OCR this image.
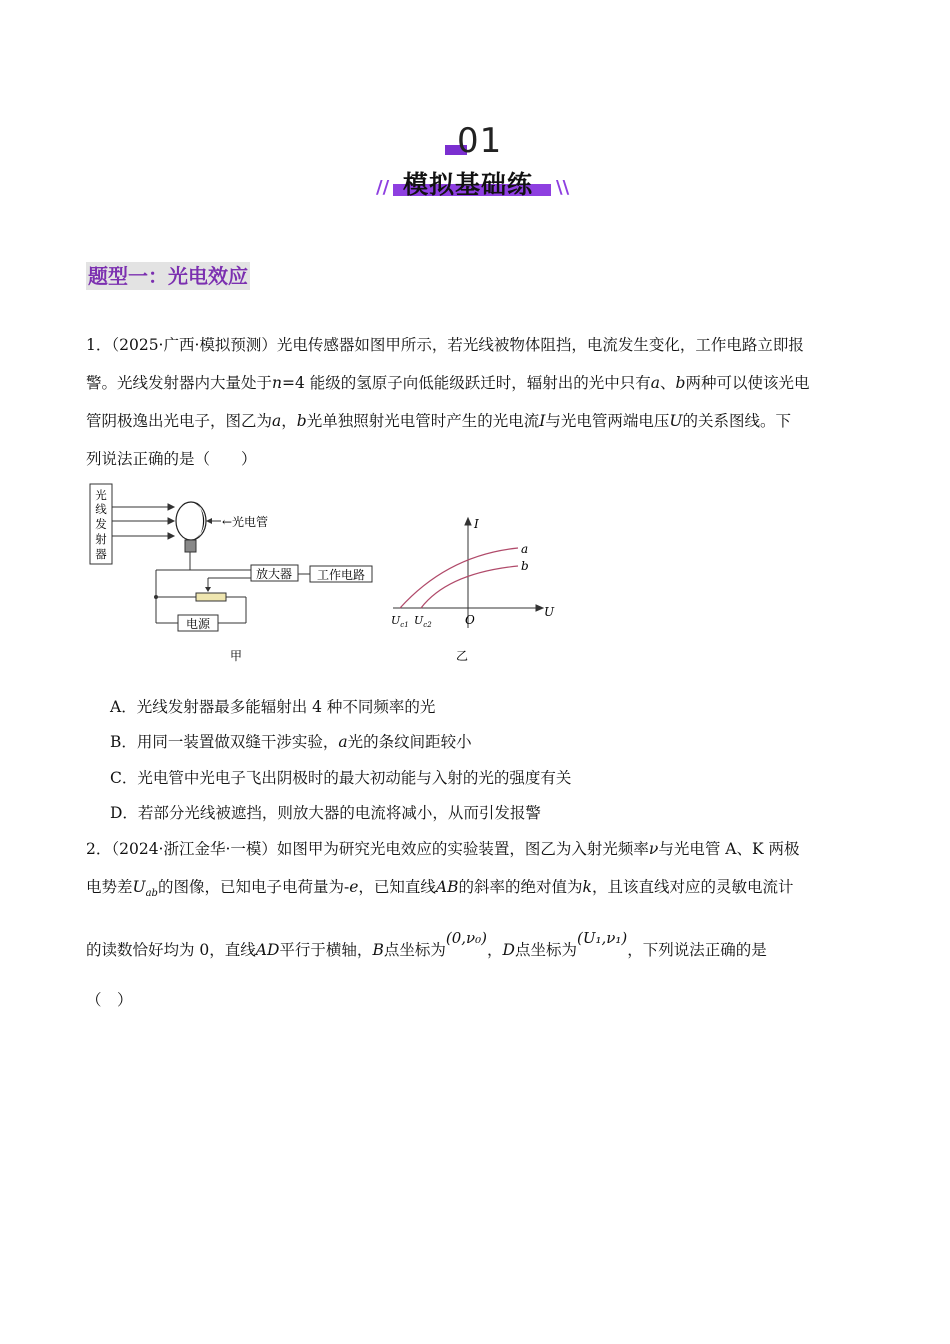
01
模拟基础练
//	\\
题型一：光电效应
1．（2025·广西·模拟预测）光电传感器如图甲所示，若光线被物体阻挡，电流发生变化，工作电路立即报
警。光线发射器内大量处于n=4 能级的氢原子向低能级跃迁时，辐射出的光中只有a、b两种可以使该光电
管阴极逸出光电子，图乙为a，b光单独照射光电管时产生的光电流I与光电管两端电压U的关系图线。下
列说法正确的是（　　）
光
线
发
射
器
←光电管
电源
放大器 工作电路
甲
I
U
O
a
b
$U_{c1}$ $U_{c2}$
乙
A．光线发射器最多能辐射出 4 种不同频率的光
B．用同一装置做双缝干涉实验，a光的条纹间距较小
C．光电管中光电子飞出阴极时的最大初动能与入射的光的强度有关
D．若部分光线被遮挡，则放大器的电流将减小，从而引发报警
2．（2024·浙江金华·一模）如图甲为研究光电效应的实验装置，图乙为入射光频率ν与光电管 A、K 两极
电势差$U_{ab}$的图像，已知电子电荷量为-e，已知直线AB的斜率的绝对值为k，且该直线对应的灵敏电流计
的读数恰好均为 0，直线AD平行于横轴，B点坐标为(0,ν₀)，D点坐标为(U₁,ν₁)，下列说法正确的是
（　）
